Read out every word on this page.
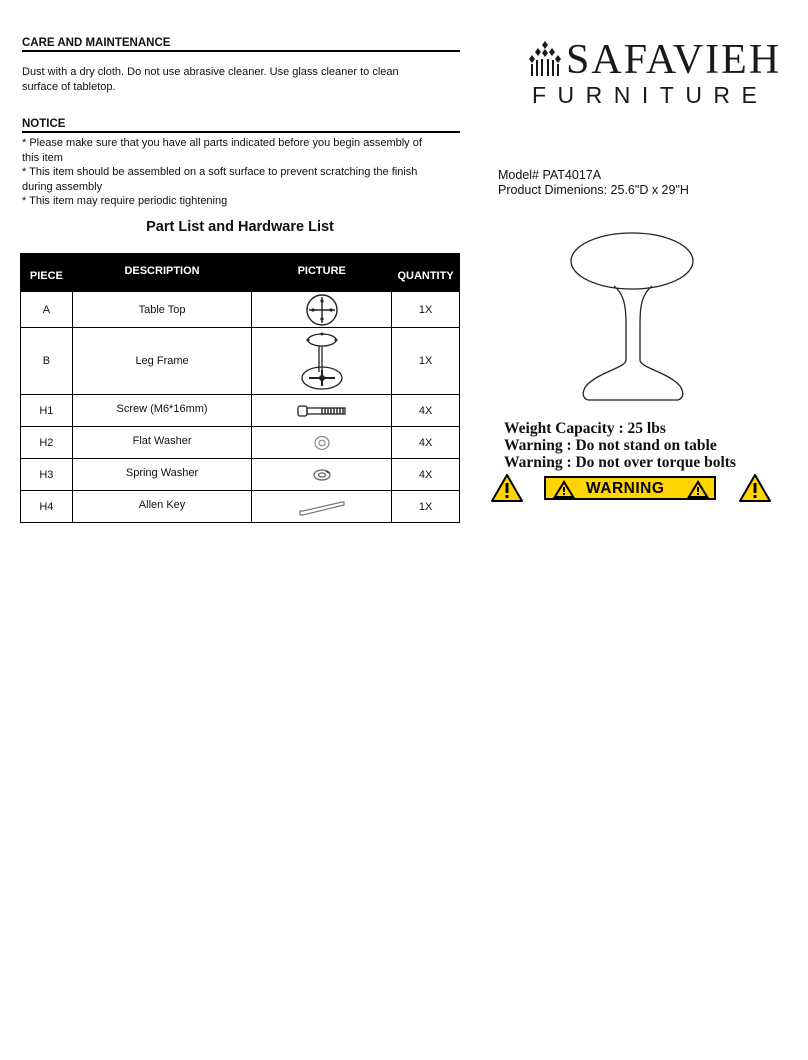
CARE AND MAINTENANCE
Dust with a dry cloth. Do not use abrasive cleaner. Use glass cleaner to clean
surface of tabletop.
NOTICE
* Please make sure that you have all parts indicated before you begin assembly of
this item
* This item should be assembled on a soft surface to prevent scratching the finish
during assembly
* This item may require periodic tightening
SAFAVIEH
FURNITURE
Model# PAT4017A
Product Dimenions: 25.6"D x 29"H
Part List and Hardware List
PIECE	DESCRIPTION	PICTURE	QUANTITY
A	Table Top		1X
B	Leg Frame		1X
H1	Screw (M6*16mm)		4X
H2	Flat Washer		4X
H3	Spring Washer		4X
H4	Allen Key		1X
Weight Capacity : 25 lbs
Warning : Do not stand on table
Warning : Do not over torque bolts
WARNING
